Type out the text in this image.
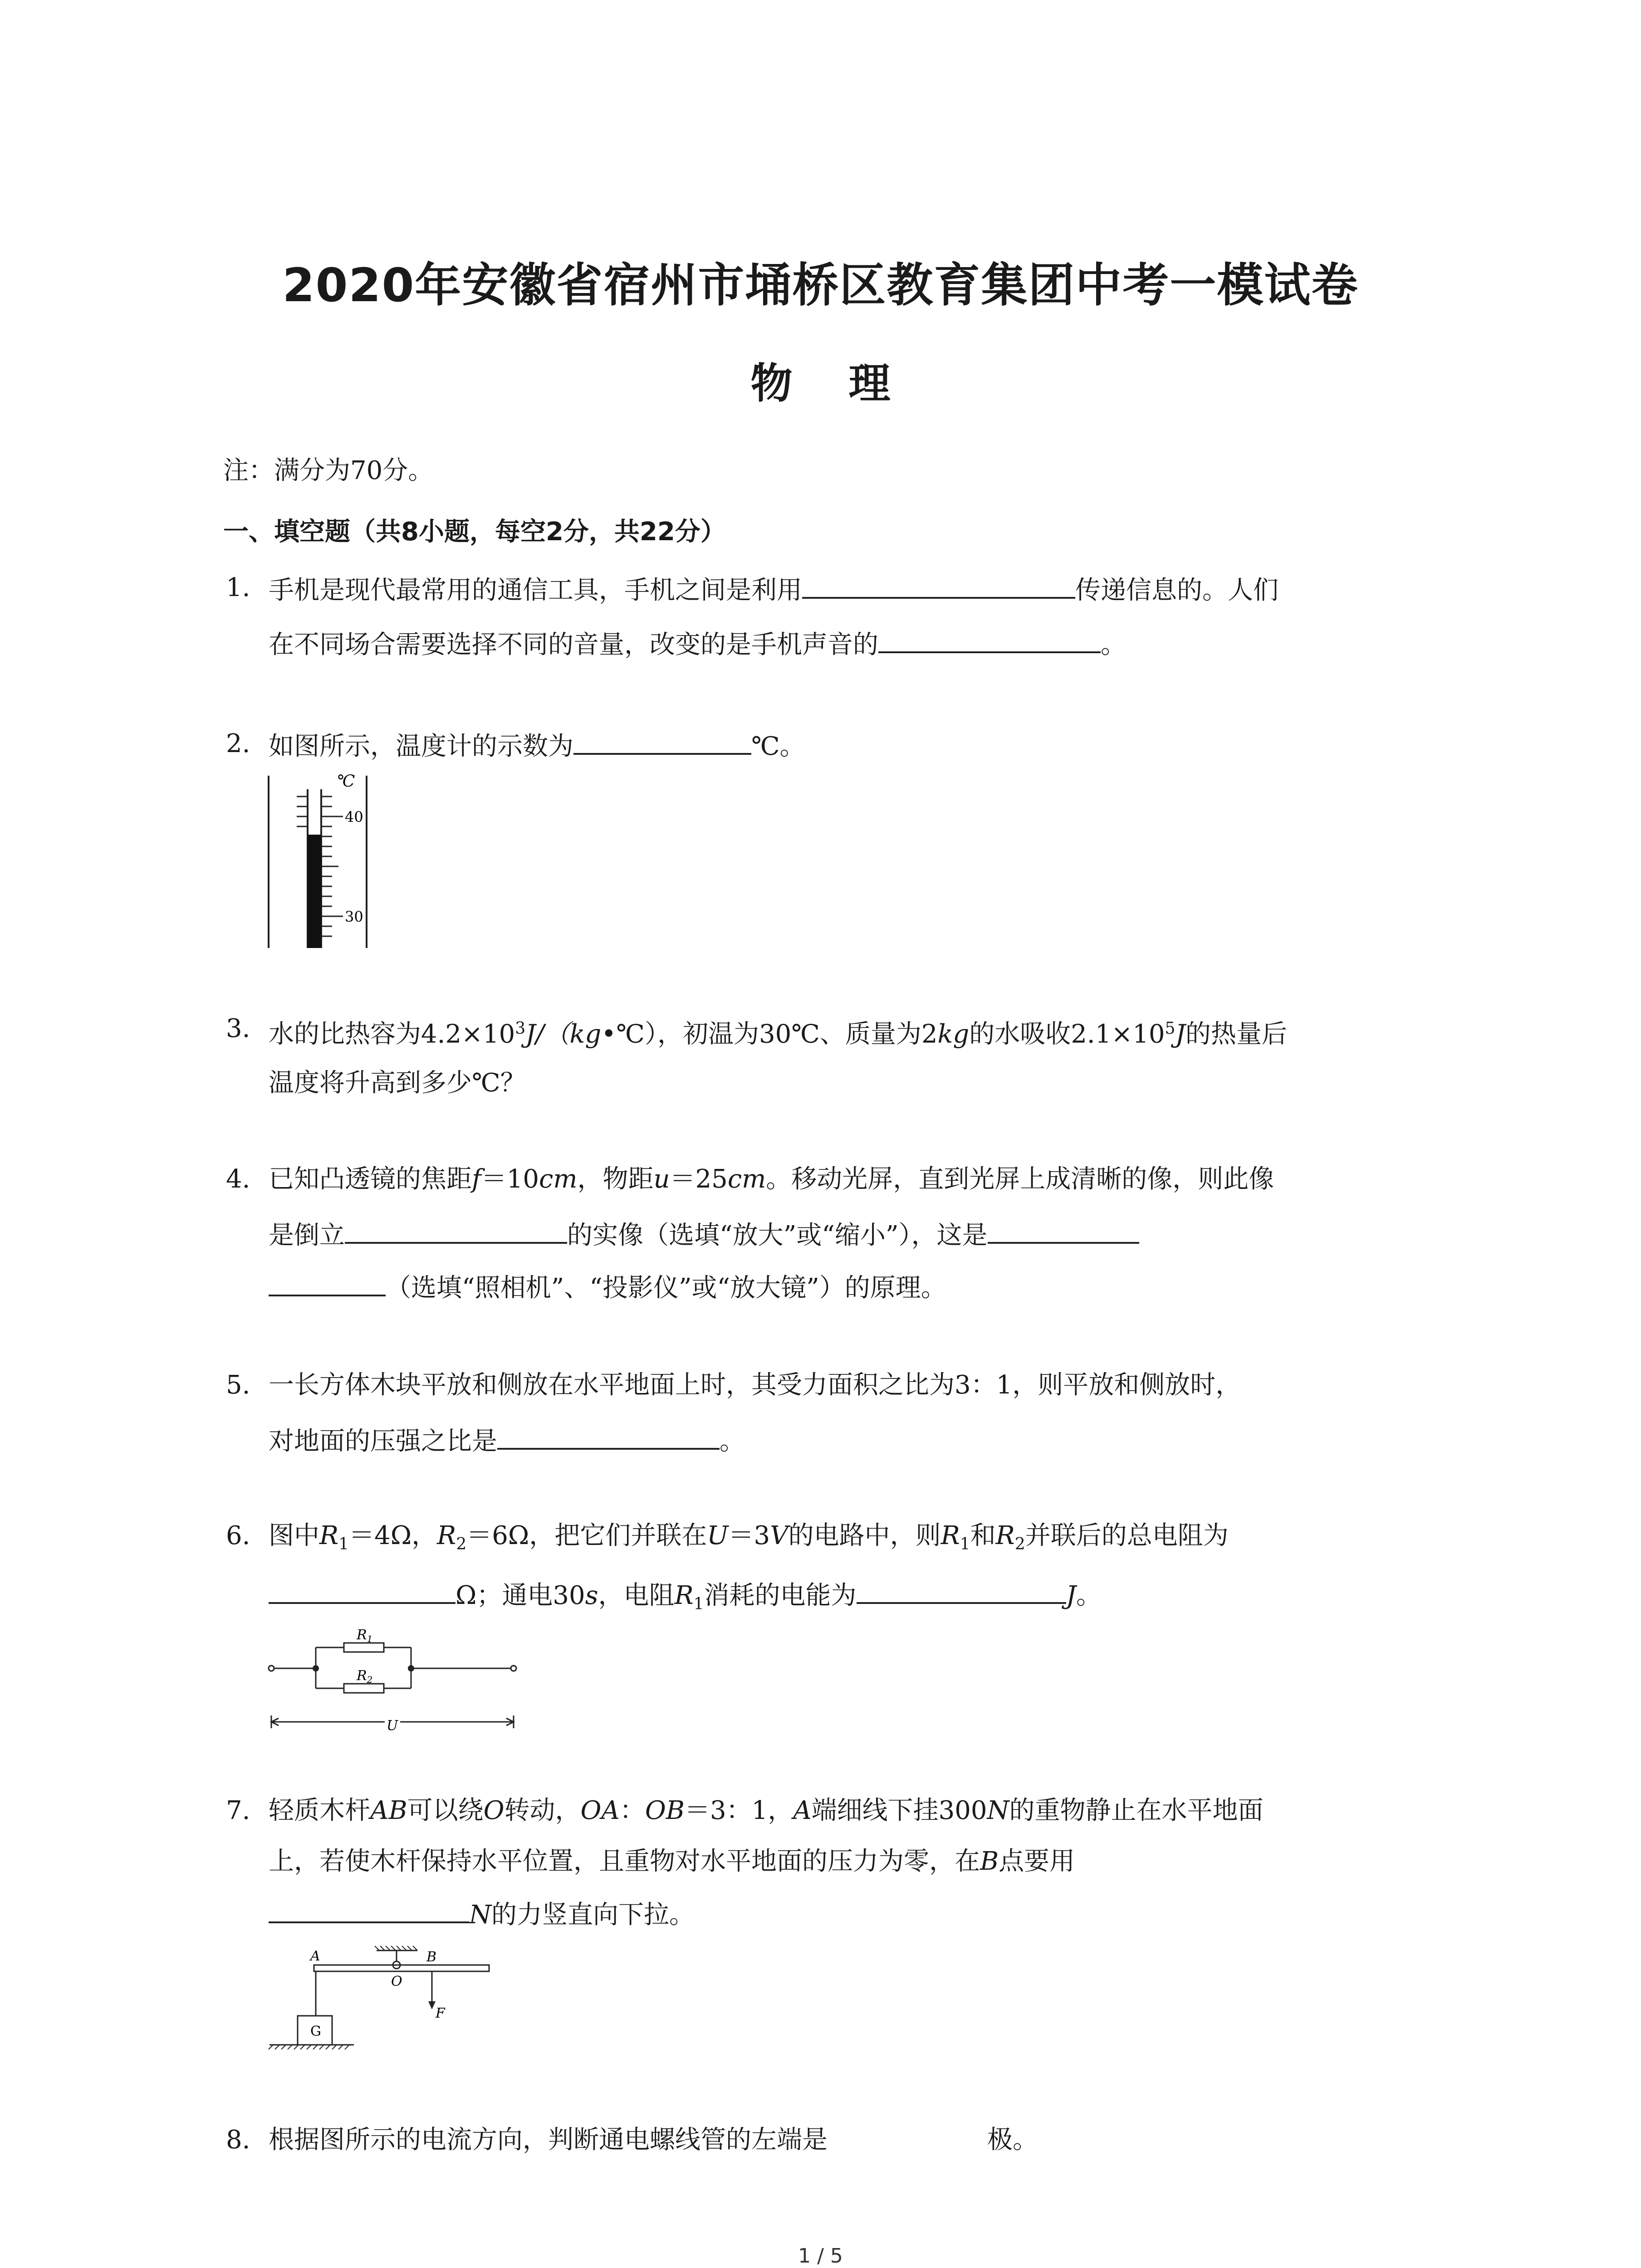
2020年安徽省宿州市埇桥区教育集团中考一模试卷
物 理
注：满分为70分。
一、填空题（共8小题，每空2分，共22分）
1. 手机是现代最常用的通信工具，手机之间是利用	传递信息的。人们
在不同场合需要选择不同的音量，改变的是手机声音的	。
2. 如图所示，温度计的示数为	℃。
℃
40
30
3. 水的比热容为$4.2\times 10^3J/(kg•℃)$，初温为30℃、质量为2kg的水吸收$2.1\times 10^5J$的热量后
温度将升高到多少℃？
4. 已知凸透镜的焦距f＝10cm，物距u＝25cm。移动光屏，直到光屏上成清晰的像，则此像
是倒立	的实像（选填“放大”或“缩小”），这是
（选填“照相机”、“投影仪”或“放大镜”）的原理。
5. 一长方体木块平放和侧放在水平地面上时，其受力面积之比为3：1，则平放和侧放时，
对地面的压强之比是	。
6. 图中$R_1=4\Omega$，$R_2=6\Omega$，把它们并联在U＝3V的电路中，则$R_1$和$R_2$并联后的总电阻为
Ω；通电30s，电阻$R_1$消耗的电能为	J。
$R_1$
$R_2$
U
7. 轻质木杆AB可以绕O转动，OA：OB＝3：1，A端细线下挂300N的重物静止在水平地面
上，若使木杆保持水平位置，且重物对水平地面的压力为零，在B点要用
N的力竖直向下拉。
A	B
O
G
F
8. 根据图所示的电流方向，判断通电螺线管的左端是	极。
1 / 5
